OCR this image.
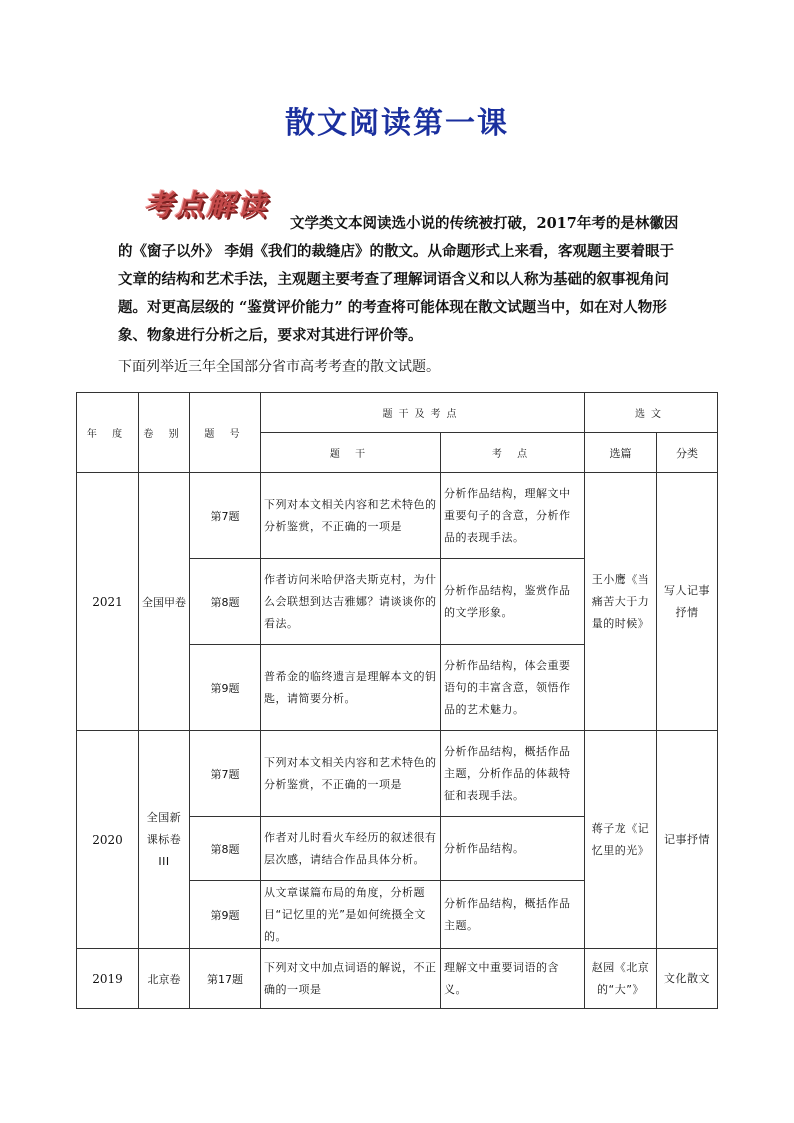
散文阅读第一课
考点解读
文学类文本阅读选小说的传统被打破，2017年考的是林徽因的《窗子以外》 李娟《我们的裁缝店》的散文。从命题形式上来看，客观题主要着眼于文章的结构和艺术手法，主观题主要考查了理解词语含义和以人称为基础的叙事视角问题。对更高层级的 “鉴赏评价能力” 的考查将可能体现在散文试题当中，如在对人物形象、物象进行分析之后，要求对其进行评价等。
下面列举近三年全国部分省市高考考查的散文试题。
年 度	卷 别	题 号	题干及考点		选文	
			题 干	考 点	选篇	分类
2021	全国甲卷	第7题	下列对本文相关内容和艺术特色的分析鉴赏，不正确的一项是	分析作品结构，理解文中重要句子的含意，分析作品的表现手法。	王小鹰《当痛苦大于力量的时候》	写人记事抒情
		第8题	作者访问米哈伊洛夫斯克村，为什么会联想到达吉雅娜？请谈谈你的看法。	分析作品结构，鉴赏作品的文学形象。		
		第9题	普希金的临终遗言是理解本文的钥匙，请简要分析。	分析作品结构，体会重要语句的丰富含意，领悟作品的艺术魅力。		
2020	全国新课标卷III	第7题	下列对本文相关内容和艺术特色的分析鉴赏，不正确的一项是	分析作品结构，概括作品主题，分析作品的体裁特征和表现手法。	蒋子龙《记忆里的光》	记事抒情
		第8题	作者对儿时看火车经历的叙述很有层次感，请结合作品具体分析。	分析作品结构。		
		第9题	从文章谋篇布局的角度，分析题目“记忆里的光”是如何统摄全文的。	分析作品结构，概括作品主题。		
2019	北京卷	第17题	下列对文中加点词语的解说，不正确的一项是	理解文中重要词语的含义。	赵园《北京的“大”》	文化散文
